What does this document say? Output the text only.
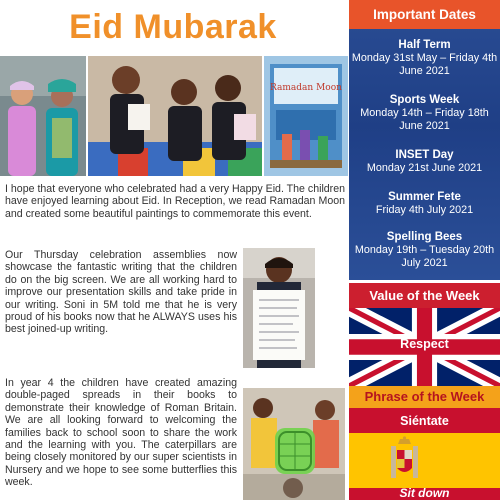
Eid Mubarak
Ramadan Moon

I hope that everyone who celebrated had a very Happy Eid. The children have enjoyed learning about Eid. In Reception, we read Ramadan Moon and created some beautiful paintings to commemorate this event.

Our Thursday celebration assemblies now showcase the fantastic writing that the children do on the big screen. We are all working hard to improve our presentation skills and take pride in our writing. Soni in 5M told me that he is very proud of his books now that he ALWAYS uses his best joined-up writing.

In year 4 the children have created amazing double-paged spreads in their books to demonstrate their knowledge of Roman Britain. We are all looking forward to welcoming the families back to school soon to share the work and the learning with you. The caterpillars are being closely monitored by our super scientists in Nursery and we hope to see some butterflies this week.

Important Dates
Half Term
Monday 31st May – Friday 4th June 2021
Sports Week
Monday 14th – Friday 18th June 2021
INSET Day
Monday 21st June 2021
Summer Fete
Friday 4th July 2021
Spelling Bees
Monday 19th – Tuesday 20th July 2021
Value of the Week
Respect
Phrase of the Week
Siéntate
Sit down
